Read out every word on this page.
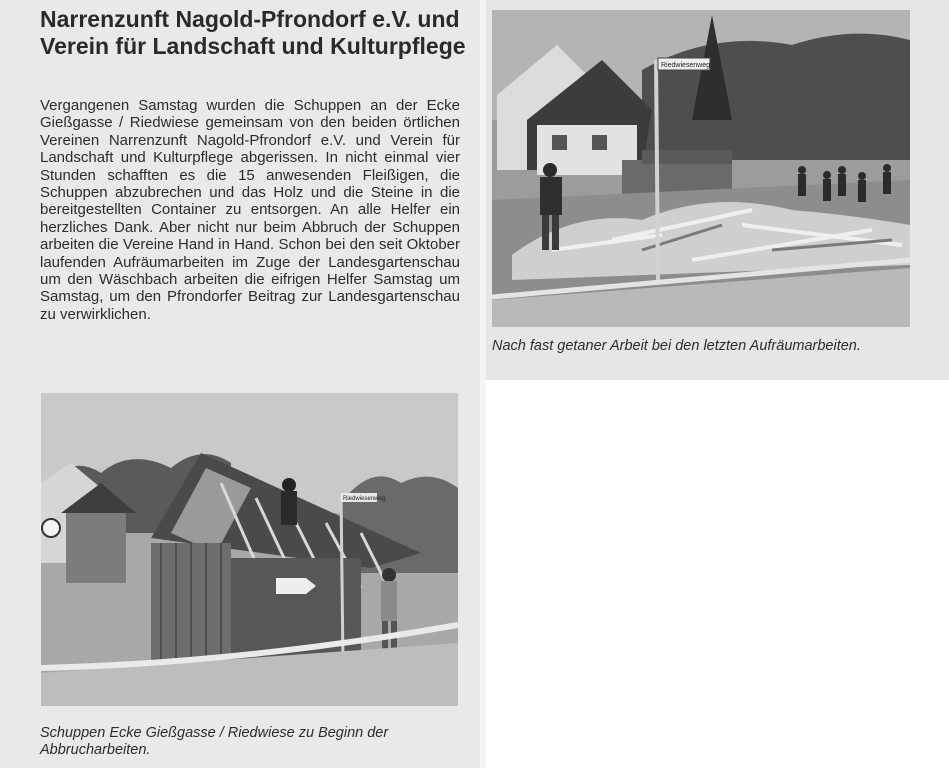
Narrenzunft Nagold-Pfrondorf e.V. und Verein für Landschaft und Kulturpflege

Vergangenen Samstag wurden die Schuppen an der Ecke Gießgasse / Riedwiese gemeinsam von den beiden örtlichen Vereinen Narrenzunft Nagold-Pfrondorf e.V. und Verein für Landschaft und Kulturpflege abgerissen. In nicht einmal vier Stunden schafften es die 15 anwesenden Fleißigen, die Schuppen abzubrechen und das Holz und die Steine in die bereitgestellten Container zu entsorgen. An alle Helfer ein herzliches Dank. Aber nicht nur beim Abbruch der Schuppen arbeiten die Vereine Hand in Hand. Schon bei den seit Oktober laufenden Aufräumarbeiten im Zuge der Landesgartenschau um den Wäschbach arbeiten die eifrigen Helfer Samstag um Samstag, um den Pfrondorfer Beitrag zur Landesgartenschau zu verwirklichen.

Riedwiesenweg

Schuppen Ecke Gießgasse / Riedwiese zu Beginn der Abbrucharbeiten.

Riedwiesenweg

Nach fast getaner Arbeit bei den letzten Aufräumarbeiten.
